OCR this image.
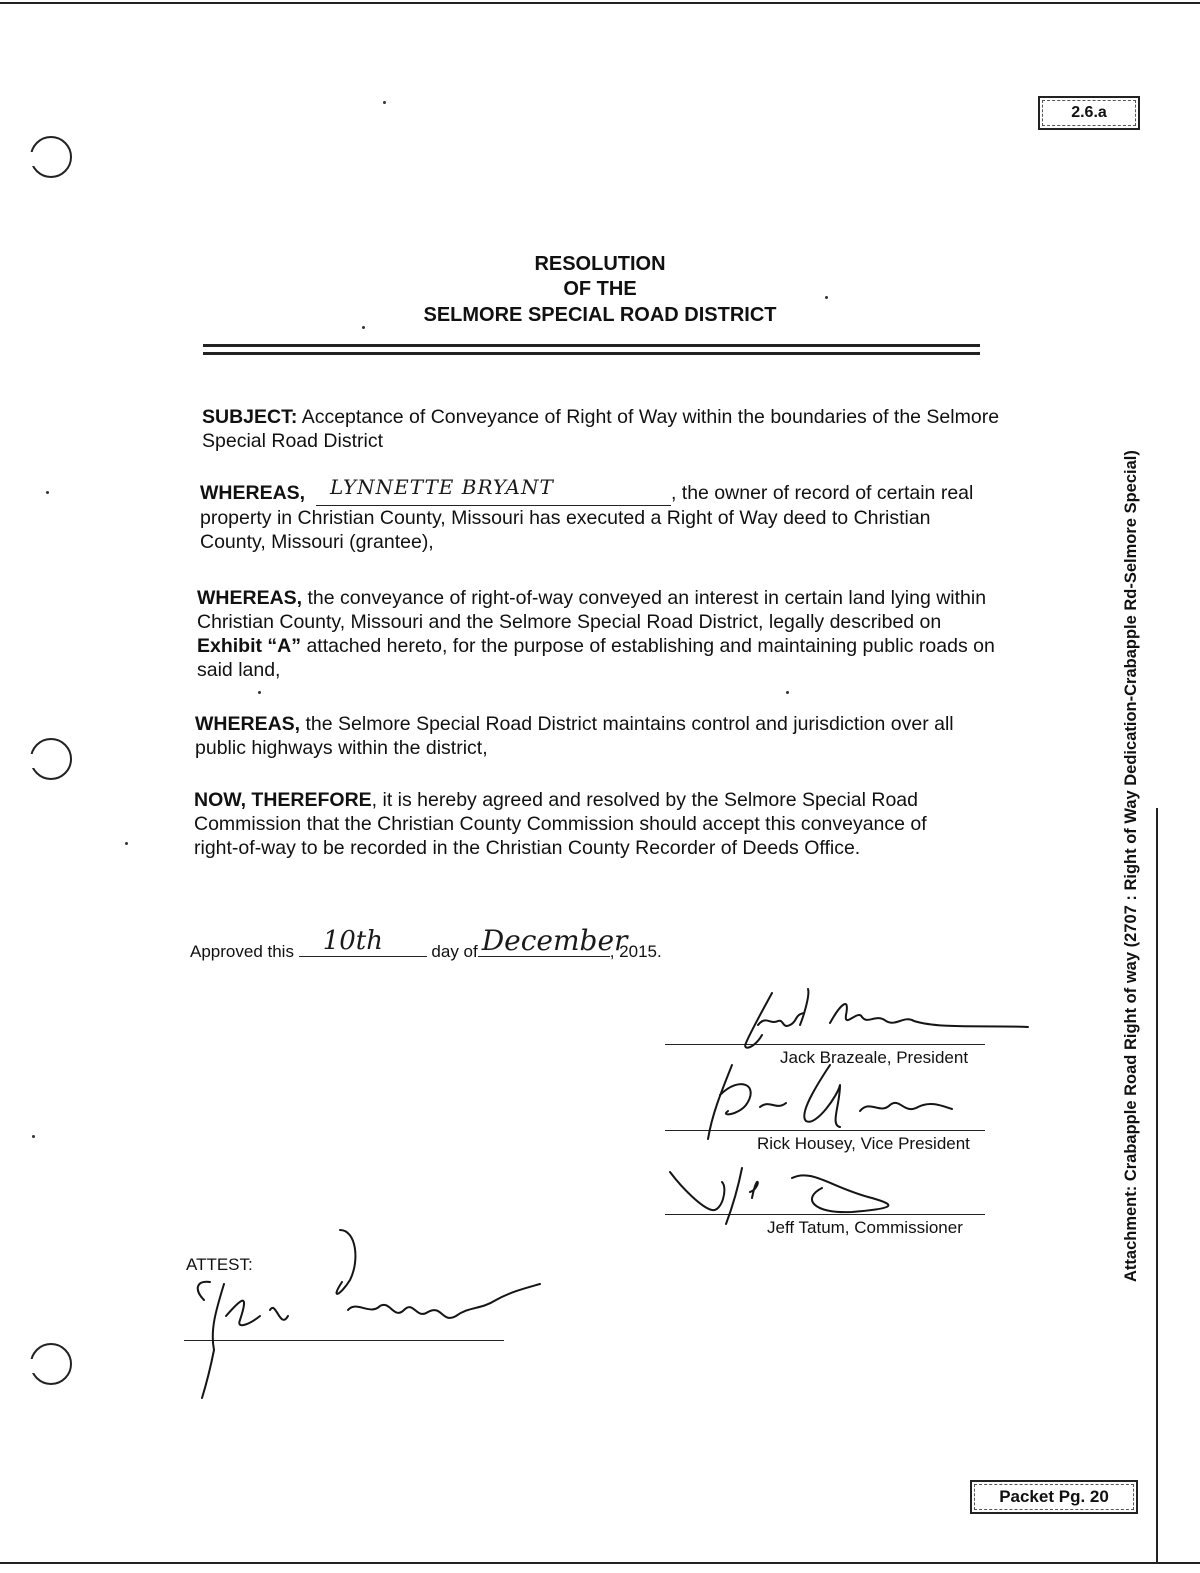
2.6.a
RESOLUTION
OF THE
SELMORE SPECIAL ROAD DISTRICT
SUBJECT: Acceptance of Conveyance of Right of Way within the boundaries of the Selmore Special Road District
WHEREAS, LYNNETTE BRYANT	, the owner of record of certain real property in Christian County, Missouri has executed a Right of Way deed to Christian County, Missouri (grantee),
WHEREAS, the conveyance of right-of-way conveyed an interest in certain land lying within Christian County, Missouri and the Selmore Special Road District, legally described on Exhibit “A” attached hereto, for the purpose of establishing and maintaining public roads on said land,
WHEREAS, the Selmore Special Road District maintains control and jurisdiction over all public highways within the district,
NOW, THEREFORE, it is hereby agreed and resolved by the Selmore Special Road Commission that the Christian County Commission should accept this conveyance of right-of-way to be recorded in the Christian County Recorder of Deeds Office.
Approved this 10th	day of December
, 2015.
Jack Brazeale, President
Rick Housey, Vice President
Jeff Tatum, Commissioner
ATTEST:	Attachment: Crabapple Road Right of way (2707 : Right of Way Dedication-Crabapple Rd-Selmore Special)
Packet Pg. 20
